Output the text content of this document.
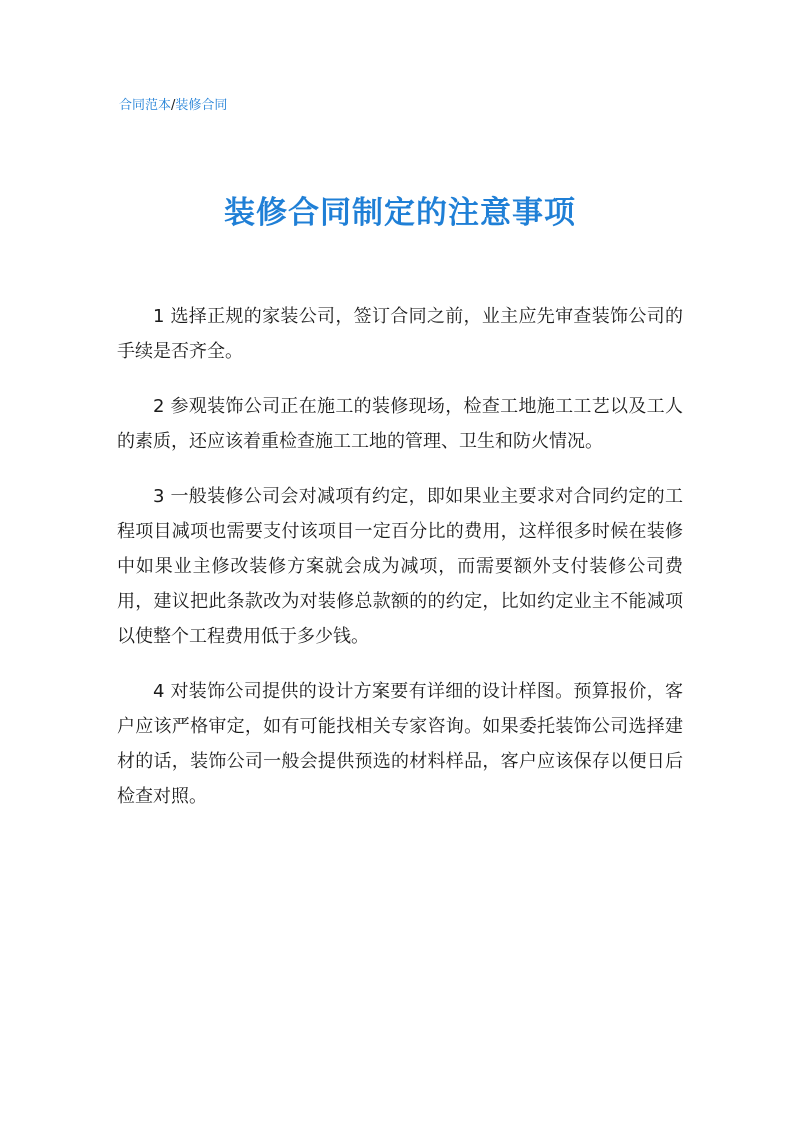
合同范本/装修合同
装修合同制定的注意事项

1 选择正规的家装公司，签订合同之前，业主应先审查装饰公司的手续是否齐全。

2 参观装饰公司正在施工的装修现场，检查工地施工工艺以及工人的素质，还应该着重检查施工工地的管理、卫生和防火情况。

3 一般装修公司会对减项有约定，即如果业主要求对合同约定的工程项目减项也需要支付该项目一定百分比的费用，这样很多时候在装修中如果业主修改装修方案就会成为减项，而需要额外支付装修公司费用，建议把此条款改为对装修总款额的的约定，比如约定业主不能减项以使整个工程费用低于多少钱。

4 对装饰公司提供的设计方案要有详细的设计样图。预算报价，客户应该严格审定，如有可能找相关专家咨询。如果委托装饰公司选择建材的话，装饰公司一般会提供预选的材料样品，客户应该保存以便日后检查对照。
